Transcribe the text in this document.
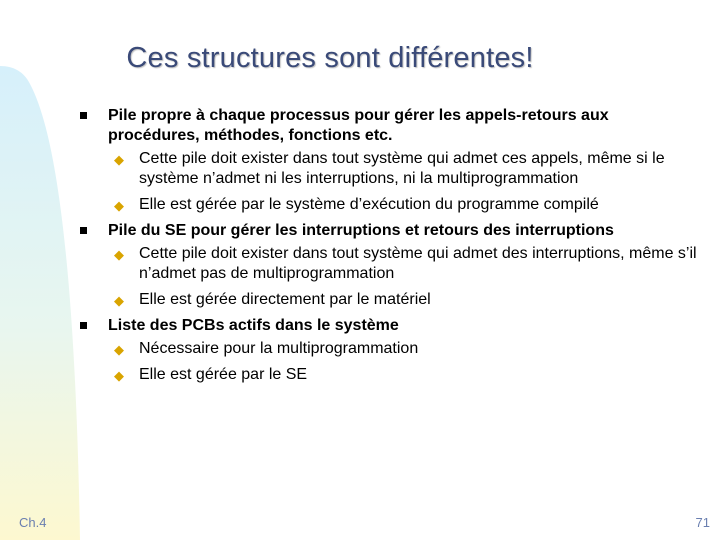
Ces structures sont différentes!
Pile propre à chaque processus pour gérer les appels-retours aux procédures, méthodes, fonctions etc.
◆ Cette pile doit exister dans tout système qui admet ces appels, même si le système n’admet ni les interruptions, ni la multiprogrammation
◆ Elle est gérée par le système d’exécution du programme compilé
Pile du SE pour gérer les interruptions et retours des interruptions
◆ Cette pile doit exister dans tout système qui admet des interruptions, même s’il n’admet pas de multiprogrammation
◆ Elle est gérée directement par le matériel
Liste des PCBs actifs dans le système
◆ Nécessaire pour la multiprogrammation
◆ Elle est gérée par le SE
Ch.4	71
